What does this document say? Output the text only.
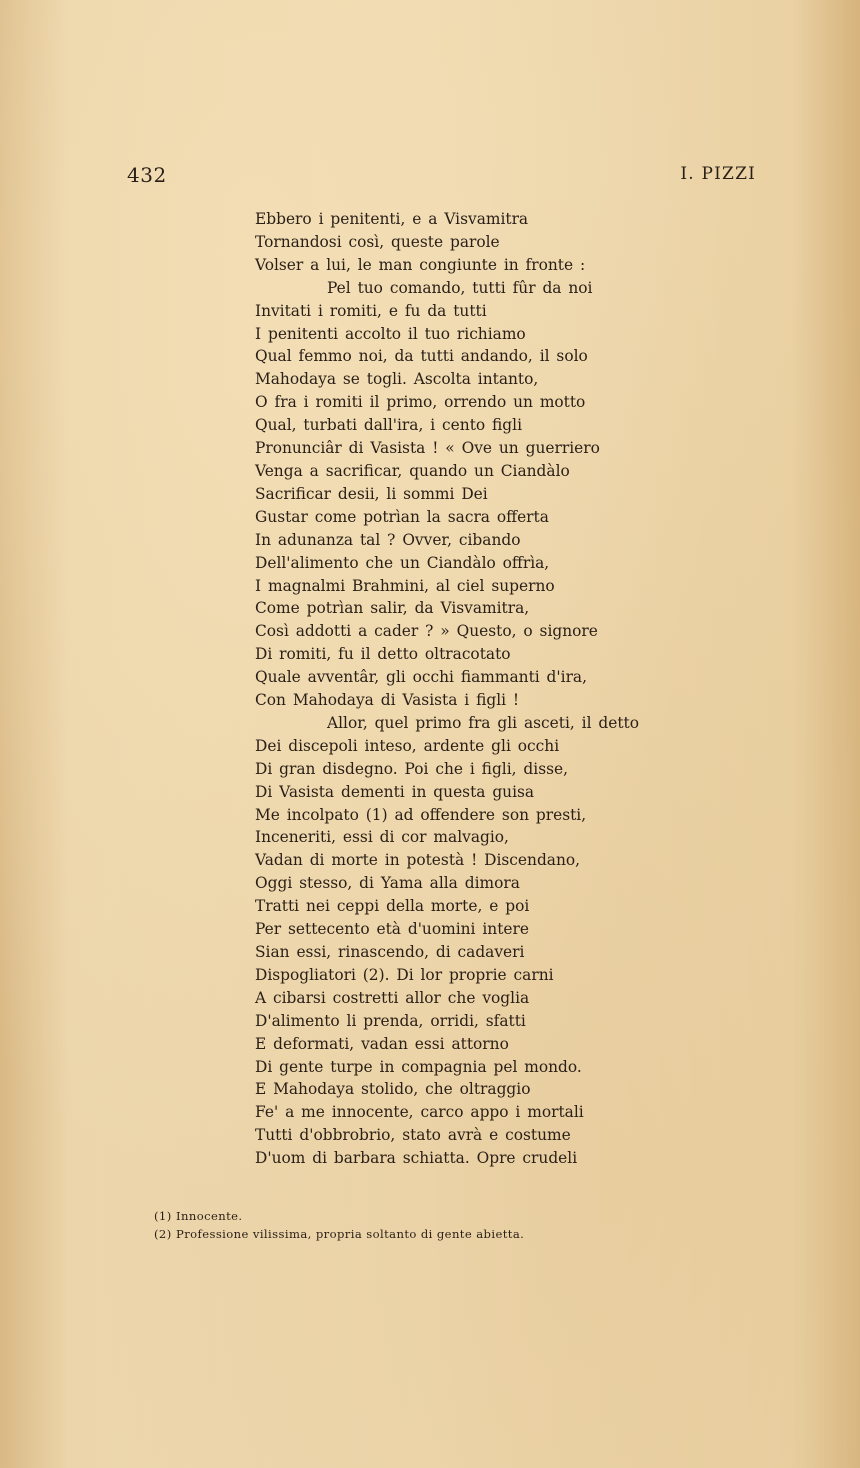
432	I. PIZZI
Ebbero i penitenti, e a Visvamitra
Tornandosi così, queste parole
Volser a lui, le man congiunte in fronte :
Pel tuo comando, tutti fûr da noi
Invitati i romiti, e fu da tutti
I penitenti accolto il tuo richiamo
Qual femmo noi, da tutti andando, il solo
Mahodaya se togli. Ascolta intanto,
O fra i romiti il primo, orrendo un motto
Qual, turbati dall'ira, i cento figli
Pronunciâr di Vasista ! « Ove un guerriero
Venga a sacrificar, quando un Ciandàlo
Sacrificar desii, li sommi Dei
Gustar come potrìan la sacra offerta
In adunanza tal ? Ovver, cibando
Dell'alimento che un Ciandàlo offrìa,
I magnalmi Brahmini, al ciel superno
Come potrìan salir, da Visvamitra,
Così addotti a cader ? » Questo, o signore
Di romiti, fu il detto oltracotato
Quale avventâr, gli occhi fiammanti d'ira,
Con Mahodaya di Vasista i figli !
Allor, quel primo fra gli asceti, il detto
Dei discepoli inteso, ardente gli occhi
Di gran disdegno. Poi che i figli, disse,
Di Vasista dementi in questa guisa
Me incolpato (1) ad offendere son presti,
Inceneriti, essi di cor malvagio,
Vadan di morte in potestà ! Discendano,
Oggi stesso, di Yama alla dimora
Tratti nei ceppi della morte, e poi
Per settecento età d'uomini intere
Sian essi, rinascendo, di cadaveri
Dispogliatori (2). Di lor proprie carni
A cibarsi costretti allor che voglia
D'alimento li prenda, orridi, sfatti
E deformati, vadan essi attorno
Di gente turpe in compagnia pel mondo.
E Mahodaya stolido, che oltraggio
Fe' a me innocente, carco appo i mortali
Tutti d'obbrobrio, stato avrà e costume
D'uom di barbara schiatta. Opre crudeli
(1) Innocente.
(2) Professione vilissima, propria soltanto di gente abietta.
